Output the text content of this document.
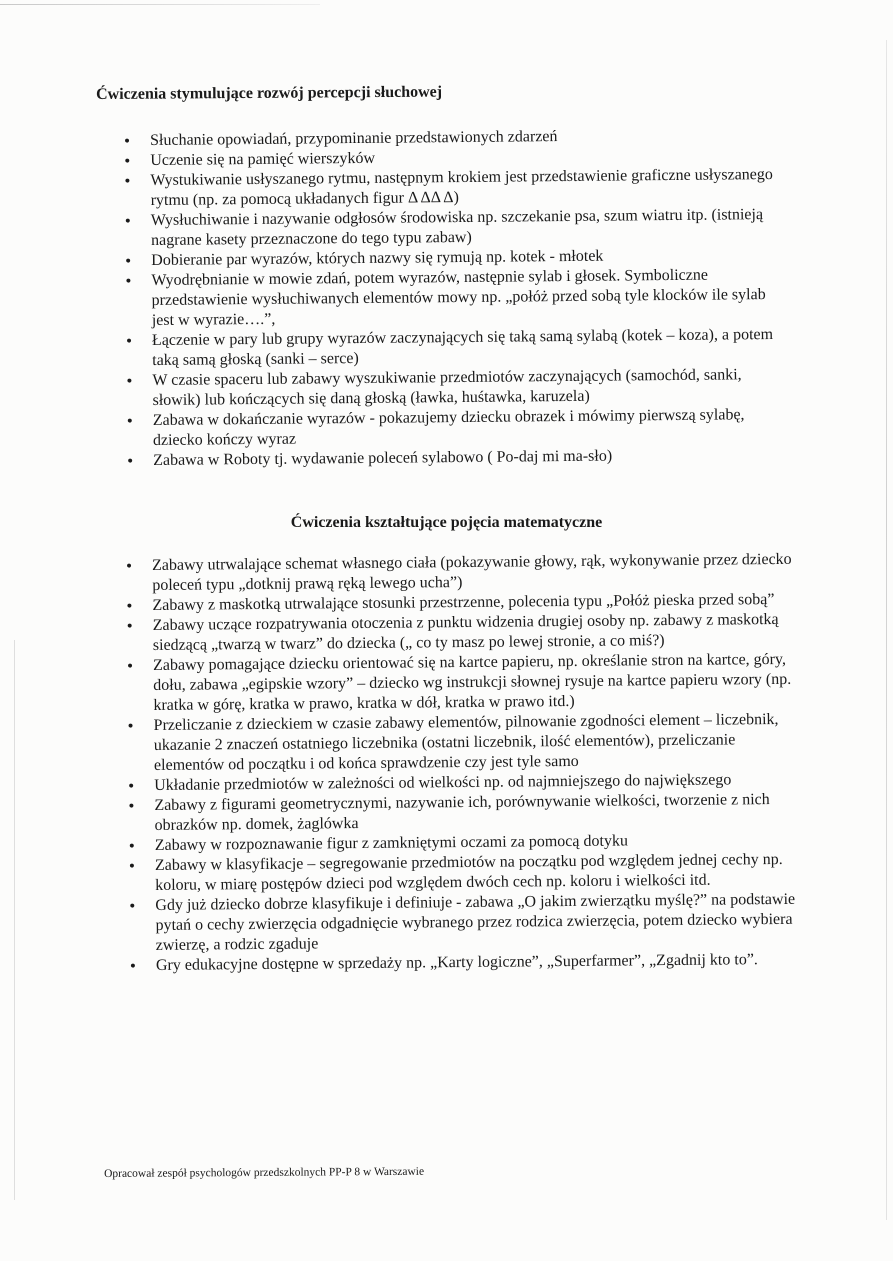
Ćwiczenia stymulujące rozwój percepcji słuchowej
• Słuchanie opowiadań, przypominanie przedstawionych zdarzeń
• Uczenie się na pamięć wierszyków
• Wystukiwanie usłyszanego rytmu, następnym krokiem jest przedstawienie graficzne usłyszanego rytmu (np. za pomocą układanych figur Δ ΔΔ Δ)
• Wysłuchiwanie i nazywanie odgłosów środowiska np. szczekanie psa, szum wiatru itp. (istnieją nagrane kasety przeznaczone do tego typu zabaw)
• Dobieranie par wyrazów, których nazwy się rymują np. kotek - młotek
• Wyodrębnianie w mowie zdań, potem wyrazów, następnie sylab i głosek. Symboliczne przedstawienie wysłuchiwanych elementów mowy np. „połóż przed sobą tyle klocków ile sylab jest w wyrazie….”,
• Łączenie w pary lub grupy wyrazów zaczynających się taką samą sylabą (kotek – koza), a potem taką samą głoską (sanki – serce)
• W czasie spaceru lub zabawy wyszukiwanie przedmiotów zaczynających (samochód, sanki, słowik) lub kończących się daną głoską (ławka, huśtawka, karuzela)
• Zabawa w dokańczanie wyrazów - pokazujemy dziecku obrazek i mówimy pierwszą sylabę, dziecko kończy wyraz
• Zabawa w Roboty tj. wydawanie poleceń sylabowo ( Po-daj mi ma-sło)
Ćwiczenia kształtujące pojęcia matematyczne
• Zabawy utrwalające schemat własnego ciała (pokazywanie głowy, rąk, wykonywanie przez dziecko poleceń typu „dotknij prawą ręką lewego ucha”)
• Zabawy z maskotką utrwalające stosunki przestrzenne, polecenia typu „Połóż pieska przed sobą”
• Zabawy uczące rozpatrywania otoczenia z punktu widzenia drugiej osoby np. zabawy z maskotką siedzącą „twarzą w twarz” do dziecka („ co ty masz po lewej stronie, a co miś?)
• Zabawy pomagające dziecku orientować się na kartce papieru, np. określanie stron na kartce, góry, dołu, zabawa „egipskie wzory” – dziecko wg instrukcji słownej rysuje na kartce papieru wzory (np. kratka w górę, kratka w prawo, kratka w dół, kratka w prawo itd.)
• Przeliczanie z dzieckiem w czasie zabawy elementów, pilnowanie zgodności element – liczebnik, ukazanie 2 znaczeń ostatniego liczebnika (ostatni liczebnik, ilość elementów), przeliczanie elementów od początku i od końca sprawdzenie czy jest tyle samo
• Układanie przedmiotów w zależności od wielkości np. od najmniejszego do największego
• Zabawy z figurami geometrycznymi, nazywanie ich, porównywanie wielkości, tworzenie z nich obrazków np. domek, żaglówka
• Zabawy w rozpoznawanie figur z zamkniętymi oczami za pomocą dotyku
• Zabawy w klasyfikacje – segregowanie przedmiotów na początku pod względem jednej cechy np. koloru, w miarę postępów dzieci pod względem dwóch cech np. koloru i wielkości itd.
• Gdy już dziecko dobrze klasyfikuje i definiuje - zabawa „O jakim zwierzątku myślę?” na podstawie pytań o cechy zwierzęcia odgadnięcie wybranego przez rodzica zwierzęcia, potem dziecko wybiera zwierzę, a rodzic zgaduje
• Gry edukacyjne dostępne w sprzedaży np. „Karty logiczne”, „Superfarmer”, „Zgadnij kto to”.
Opracował zespół psychologów przedszkolnych PP-P 8 w Warszawie
